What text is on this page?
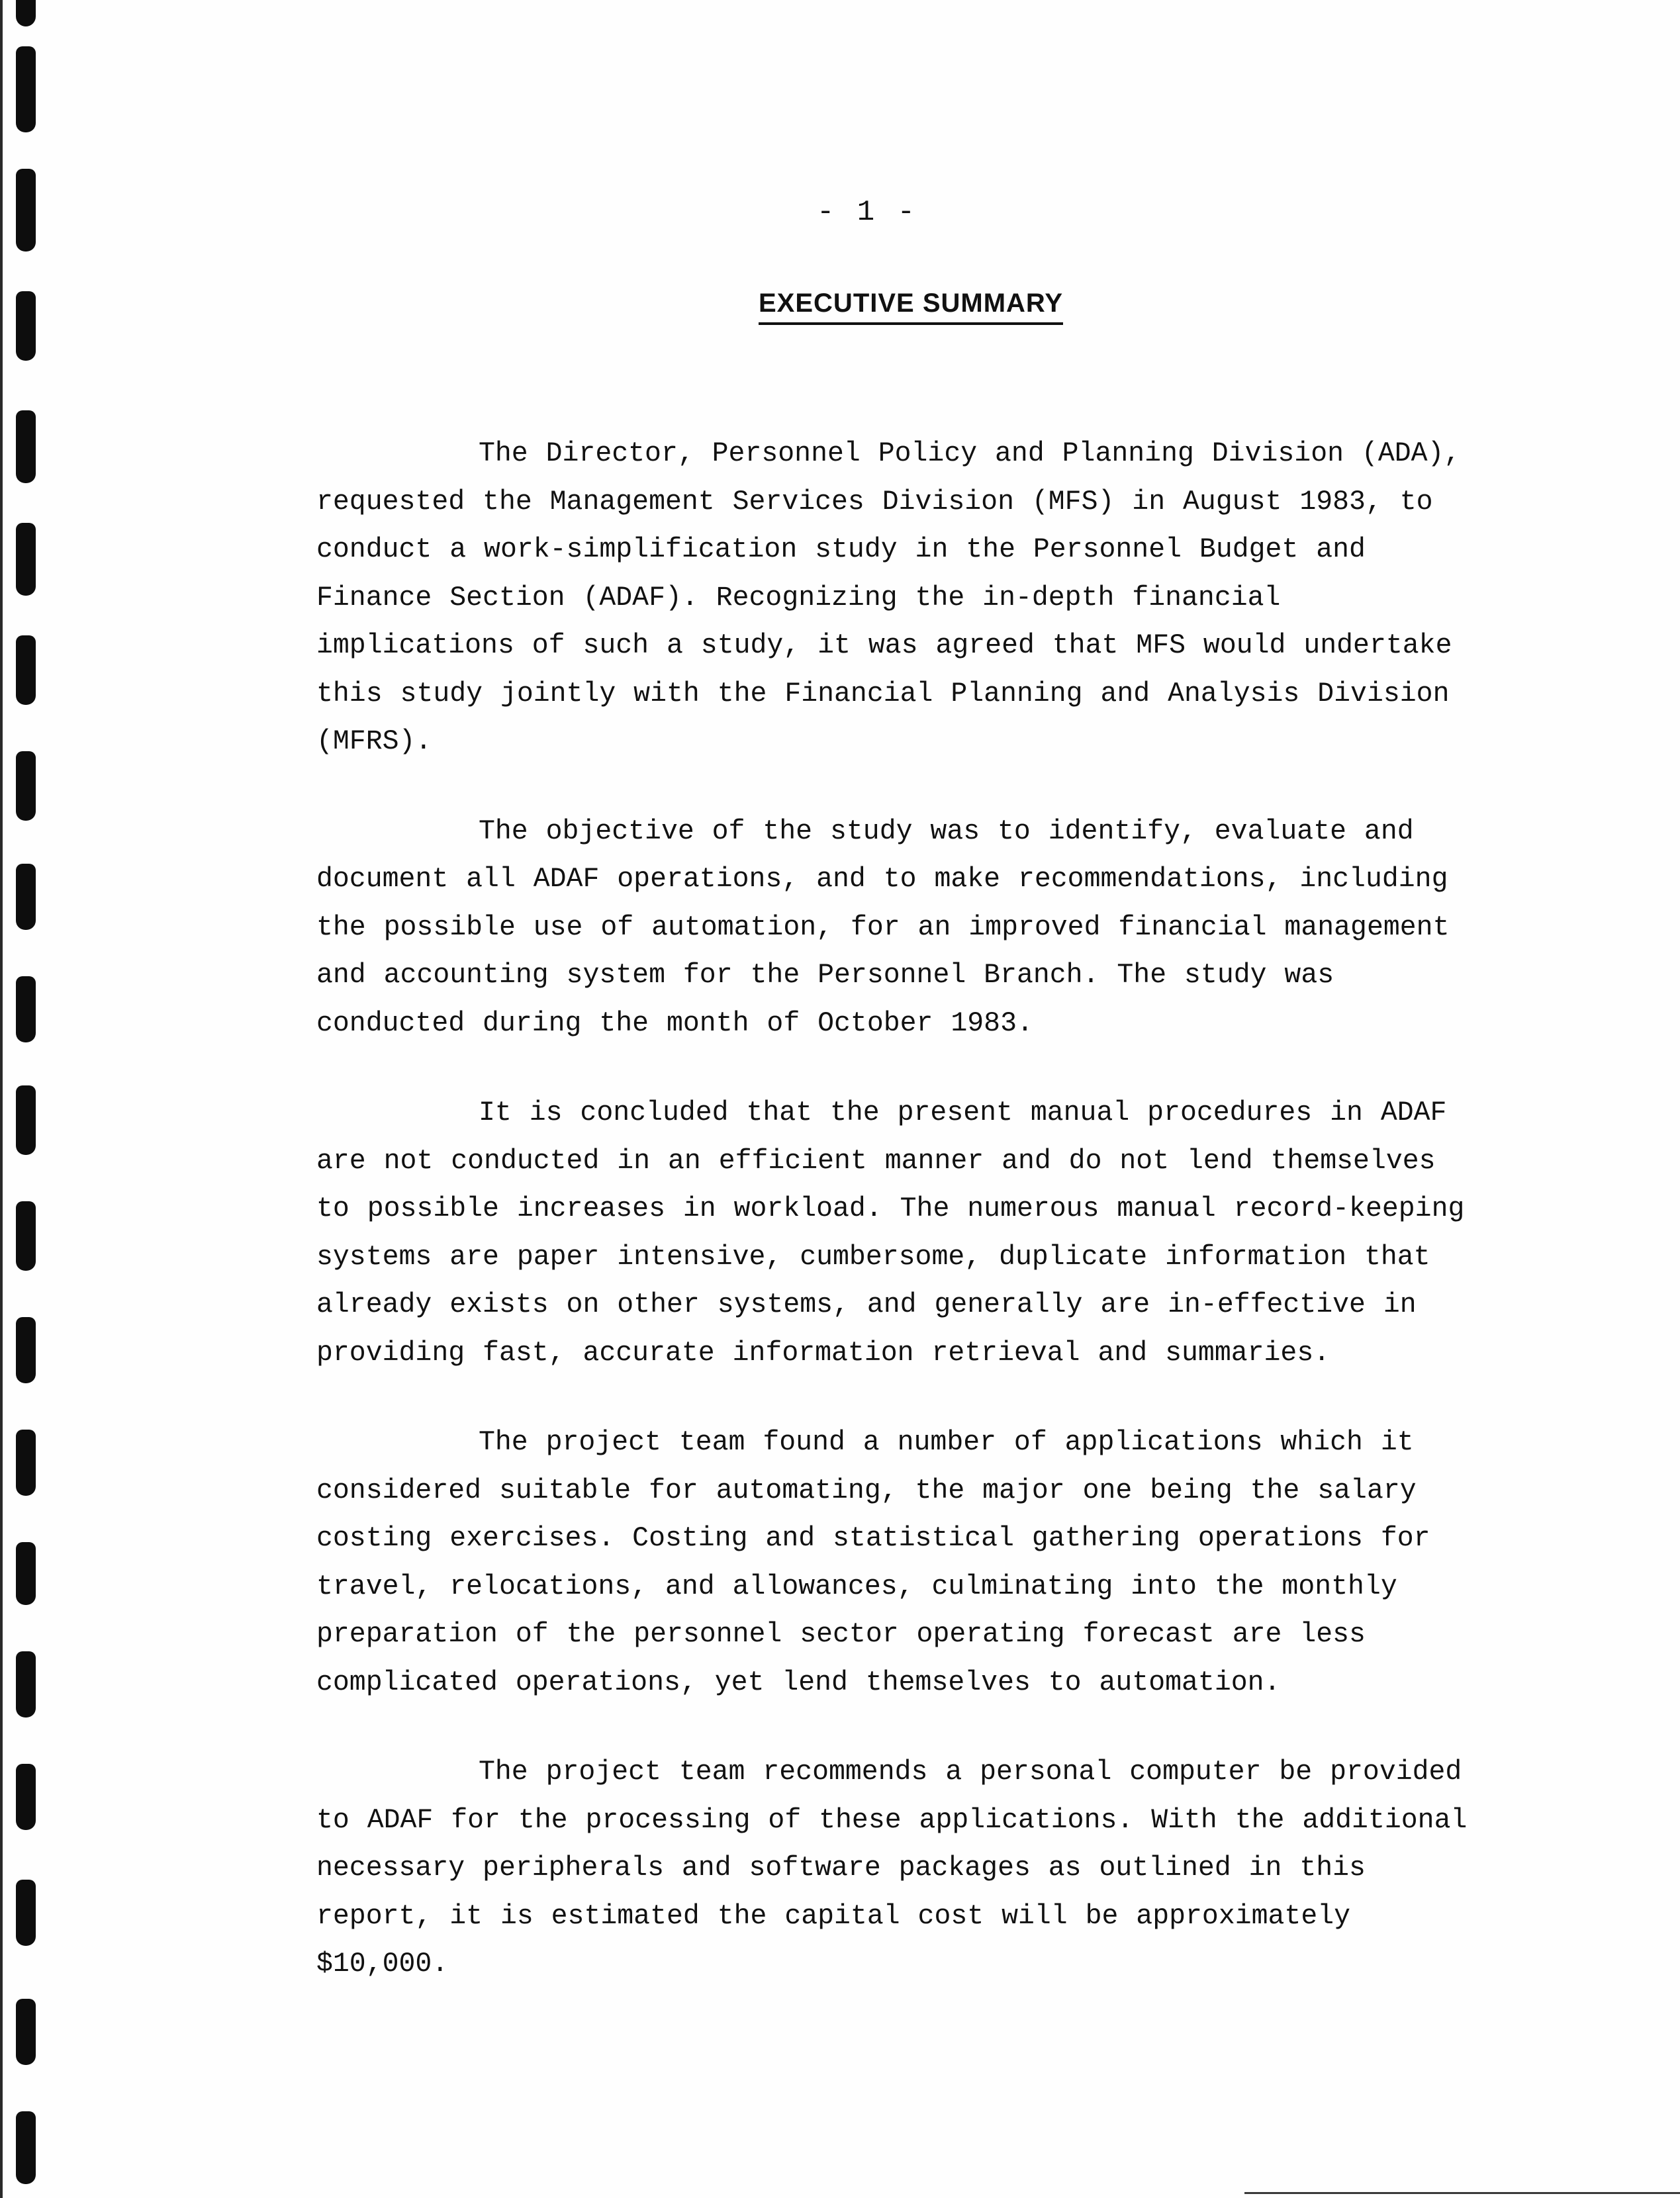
- 1 -
EXECUTIVE SUMMARY

The Director, Personnel Policy and Planning Division (ADA), requested the Management Services Division (MFS) in August 1983, to conduct a work-simplification study in the Personnel Budget and Finance Section (ADAF). Recognizing the in-depth financial implications of such a study, it was agreed that MFS would undertake this study jointly with the Financial Planning and Analysis Division (MFRS).

The objective of the study was to identify, evaluate and document all ADAF operations, and to make recommendations, including the possible use of automation, for an improved financial management and accounting system for the Personnel Branch. The study was conducted during the month of October 1983.

It is concluded that the present manual procedures in ADAF are not conducted in an efficient manner and do not lend themselves to possible increases in workload. The numerous manual record-keeping systems are paper intensive, cumbersome, duplicate information that already exists on other systems, and generally are in-effective in providing fast, accurate information retrieval and summaries.

The project team found a number of applications which it considered suitable for automating, the major one being the salary costing exercises. Costing and statistical gathering operations for travel, relocations, and allowances, culminating into the monthly preparation of the personnel sector operating forecast are less complicated operations, yet lend themselves to automation.

The project team recommends a personal computer be provided to ADAF for the processing of these applications. With the additional necessary peripherals and software packages as outlined in this report, it is estimated the capital cost will be approximately $10,000.
